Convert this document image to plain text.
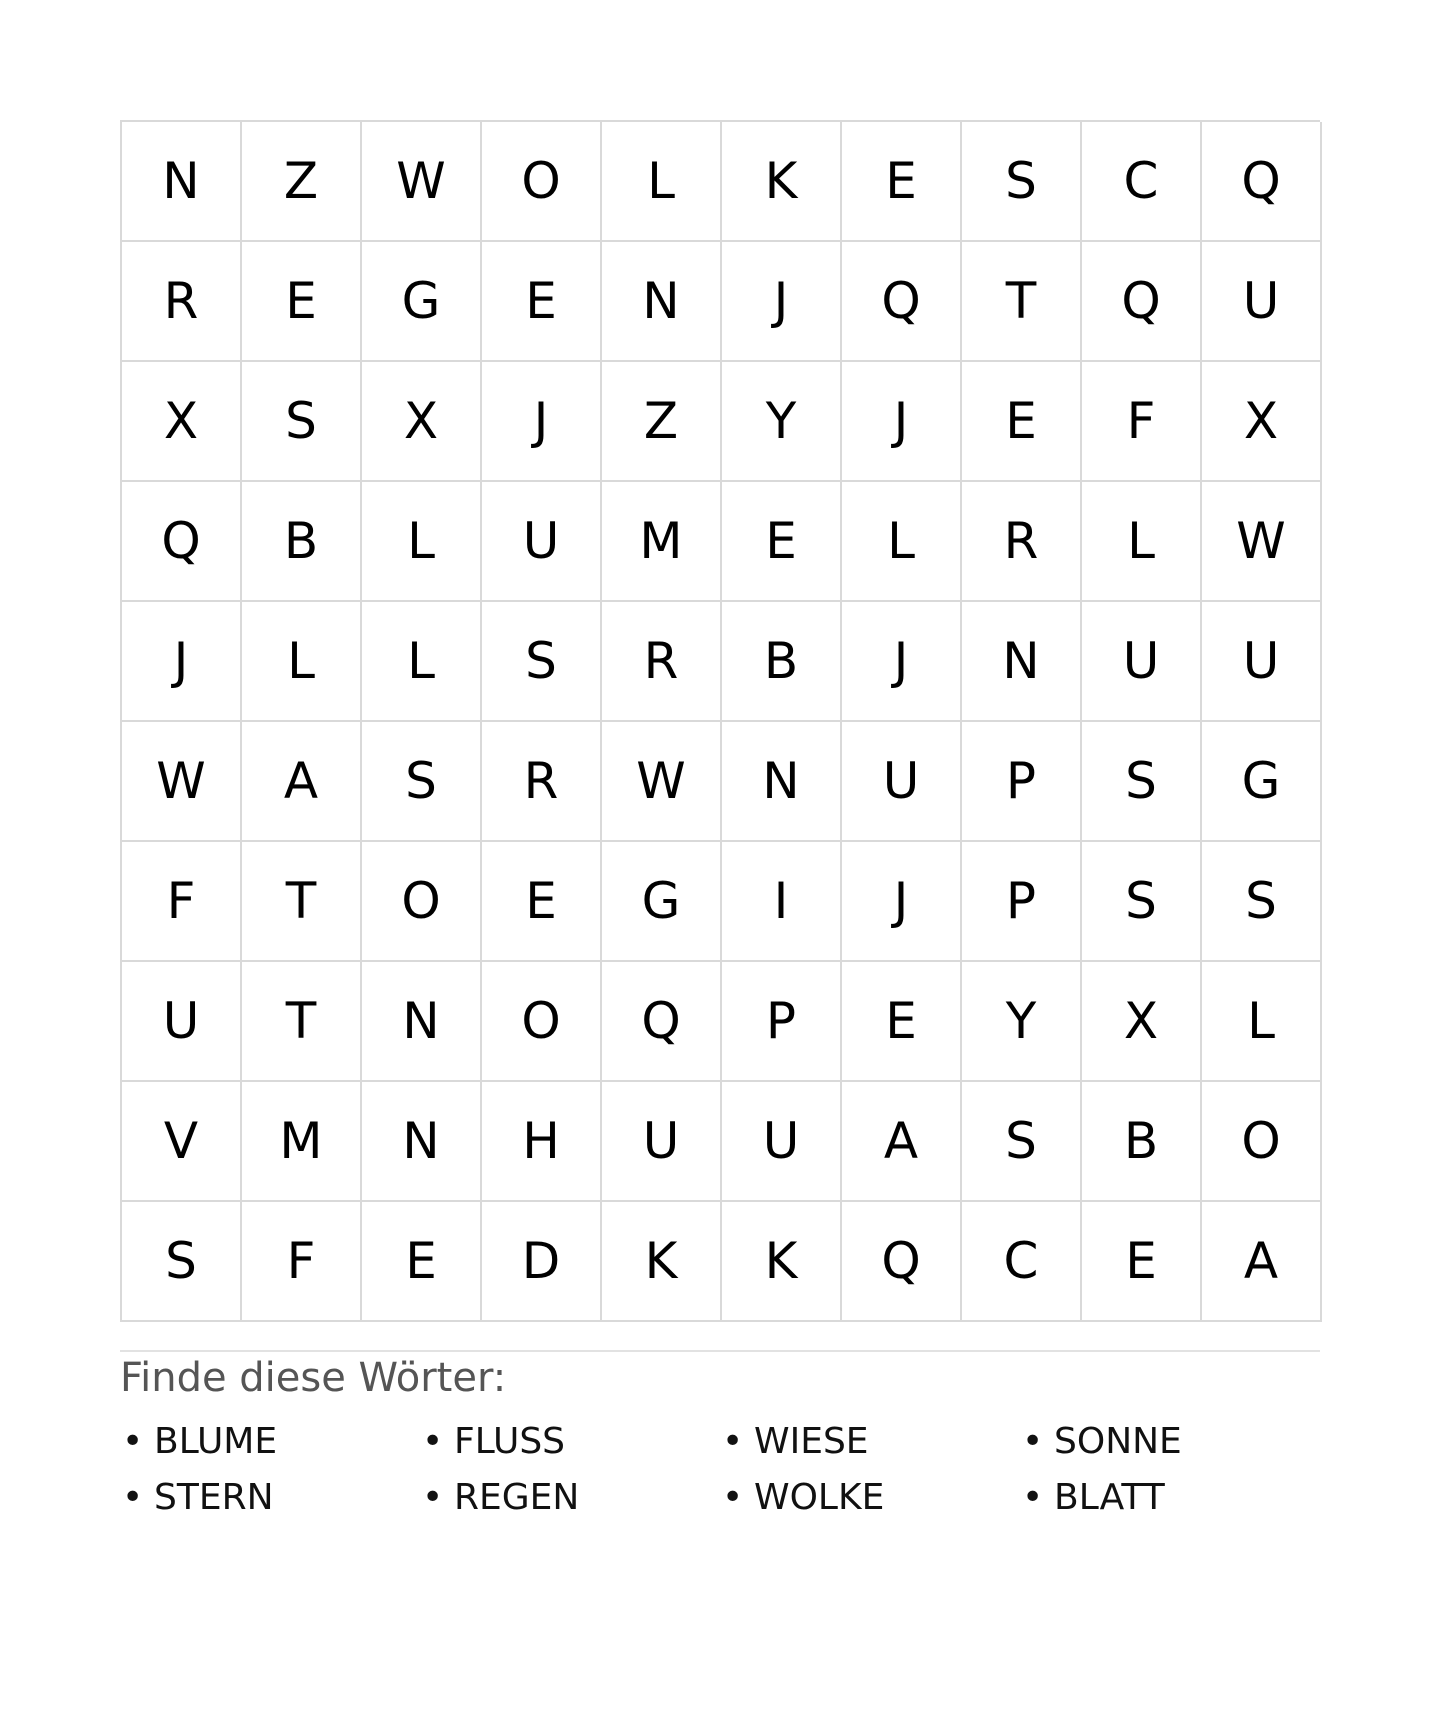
N	Z	W	O	L	K	E	S	C	Q
R	E	G	E	N	J	Q	T	Q	U
X	S	X	J	Z	Y	J	E	F	X
Q	B	L	U	M	E	L	R	L	W
J	L	L	S	R	B	J	N	U	U
W	A	S	R	W	N	U	P	S	G
F	T	O	E	G	I	J	P	S	S
U	T	N	O	Q	P	E	Y	X	L
V	M	N	H	U	U	A	S	B	O
S	F	E	D	K	K	Q	C	E	A
Finde diese Wörter:
• BLUME	• FLUSS	• WIESE	• SONNE
• STERN	• REGEN	• WOLKE	• BLATT
